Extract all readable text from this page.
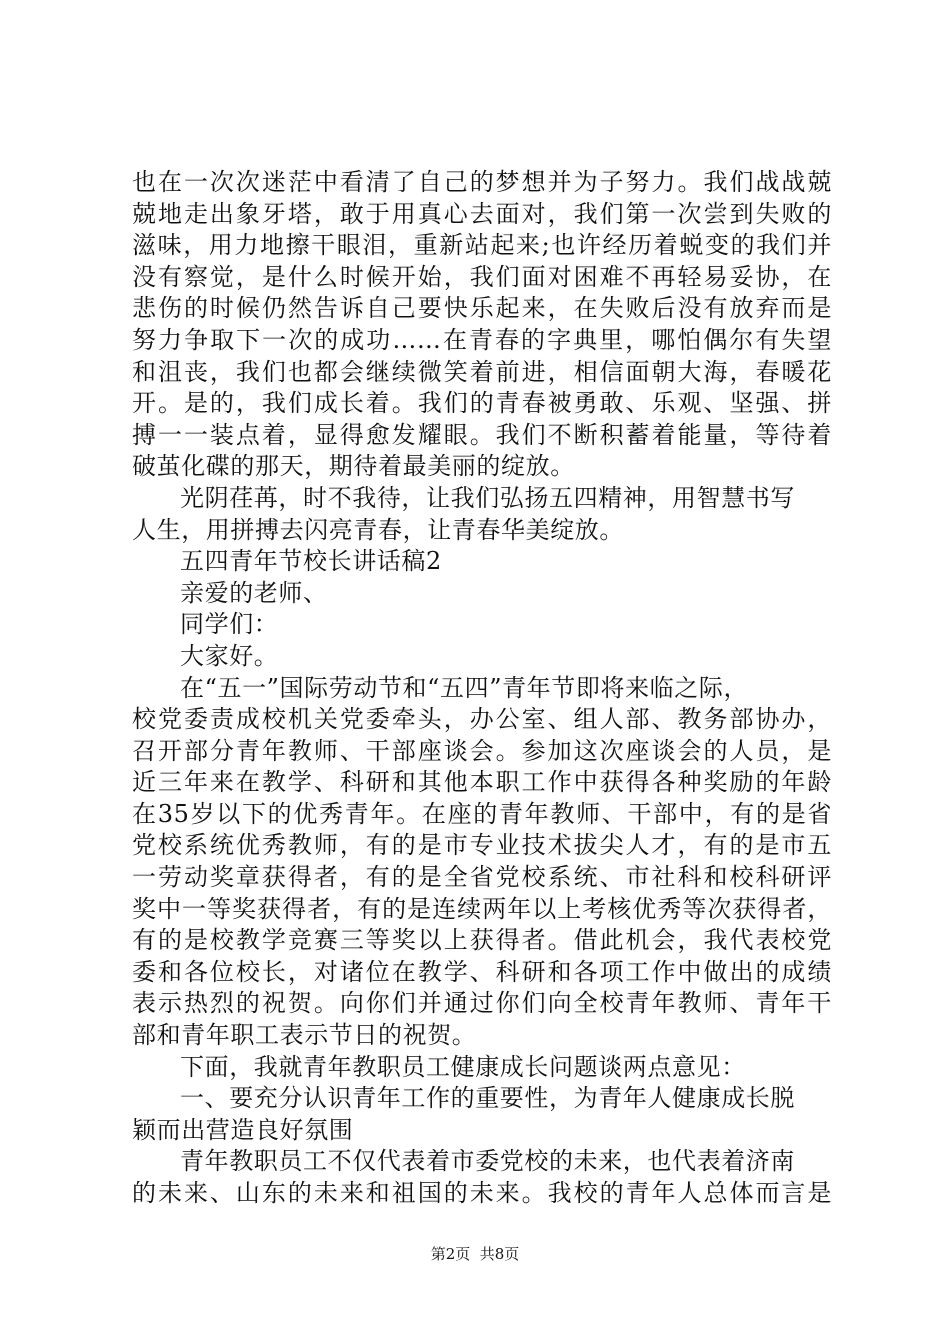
也在一次次迷茫中看清了自己的梦想并为子努力。我们战战兢
兢地走出象牙塔，敢于用真心去面对，我们第一次尝到失败的
滋味，用力地擦干眼泪，重新站起来;也许经历着蜕变的我们并
没有察觉，是什么时候开始，我们面对困难不再轻易妥协，在
悲伤的时候仍然告诉自己要快乐起来，在失败后没有放弃而是
努力争取下一次的成功……在青春的字典里，哪怕偶尔有失望
和沮丧，我们也都会继续微笑着前进，相信面朝大海，春暖花
开。是的，我们成长着。我们的青春被勇敢、乐观、坚强、拼
搏一一装点着，显得愈发耀眼。我们不断积蓄着能量，等待着
破茧化碟的那天，期待着最美丽的绽放。
光阴荏苒，时不我待，让我们弘扬五四精神，用智慧书写
人生，用拼搏去闪亮青春，让青春华美绽放。
五四青年节校长讲话稿2
亲爱的老师、
同学们：
大家好。
在“五一”国际劳动节和“五四”青年节即将来临之际，
校党委责成校机关党委牵头，办公室、组人部、教务部协办，
召开部分青年教师、干部座谈会。参加这次座谈会的人员，是
近三年来在教学、科研和其他本职工作中获得各种奖励的年龄
在35岁以下的优秀青年。在座的青年教师、干部中，有的是省
党校系统优秀教师，有的是市专业技术拔尖人才，有的是市五
一劳动奖章获得者，有的是全省党校系统、市社科和校科研评
奖中一等奖获得者，有的是连续两年以上考核优秀等次获得者，
有的是校教学竞赛三等奖以上获得者。借此机会，我代表校党
委和各位校长，对诸位在教学、科研和各项工作中做出的成绩
表示热烈的祝贺。向你们并通过你们向全校青年教师、青年干
部和青年职工表示节日的祝贺。
下面，我就青年教职员工健康成长问题谈两点意见：
一、要充分认识青年工作的重要性，为青年人健康成长脱
颖而出营造良好氛围
青年教职员工不仅代表着市委党校的未来，也代表着济南
的未来、山东的未来和祖国的未来。我校的青年人总体而言是
第2页  共8页
